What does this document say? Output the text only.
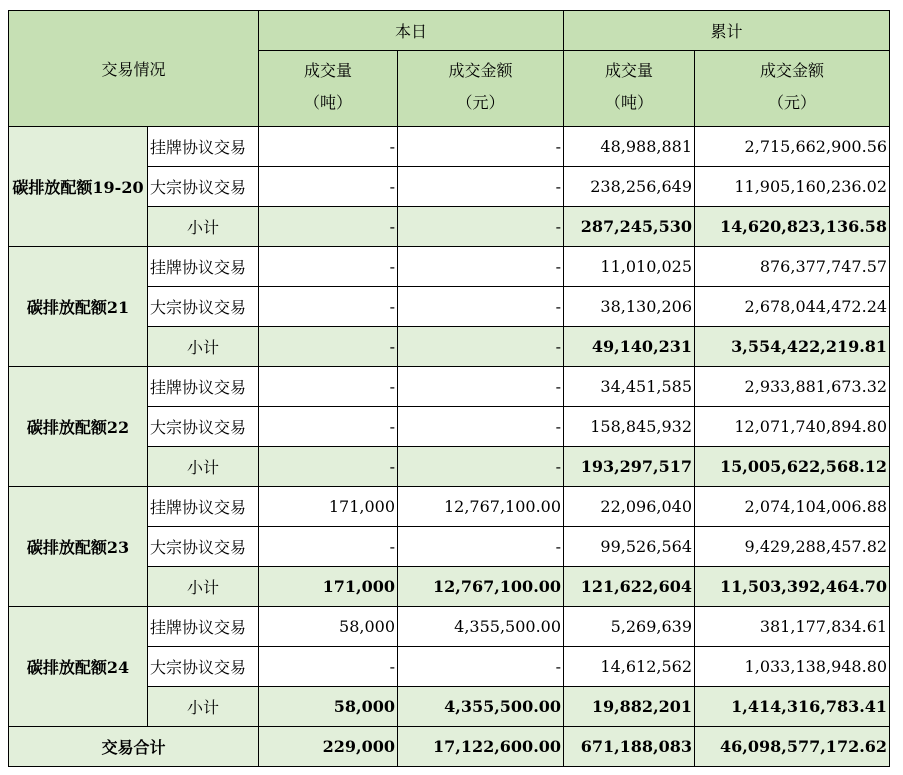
交易情况		本日		累计	
		成交量	成交金额	成交量	成交金额
		（吨）	（元）	（吨）	（元）
碳排放配额19-20	挂牌协议交易	-	-	48,988,881	2,715,662,900.56
	大宗协议交易	-	-	238,256,649	11,905,160,236.02
	小计	-	-	287,245,530	14,620,823,136.58
碳排放配额21	挂牌协议交易	-	-	11,010,025	876,377,747.57
	大宗协议交易	-	-	38,130,206	2,678,044,472.24
	小计	-	-	49,140,231	3,554,422,219.81
碳排放配额22	挂牌协议交易	-	-	34,451,585	2,933,881,673.32
	大宗协议交易	-	-	158,845,932	12,071,740,894.80
	小计	-	-	193,297,517	15,005,622,568.12
碳排放配额23	挂牌协议交易	171,000	12,767,100.00	22,096,040	2,074,104,006.88
	大宗协议交易	-	-	99,526,564	9,429,288,457.82
	小计	171,000	12,767,100.00	121,622,604	11,503,392,464.70
碳排放配额24	挂牌协议交易	58,000	4,355,500.00	5,269,639	381,177,834.61
	大宗协议交易	-	-	14,612,562	1,033,138,948.80
	小计	58,000	4,355,500.00	19,882,201	1,414,316,783.41
交易合计		229,000	17,122,600.00	671,188,083	46,098,577,172.62
